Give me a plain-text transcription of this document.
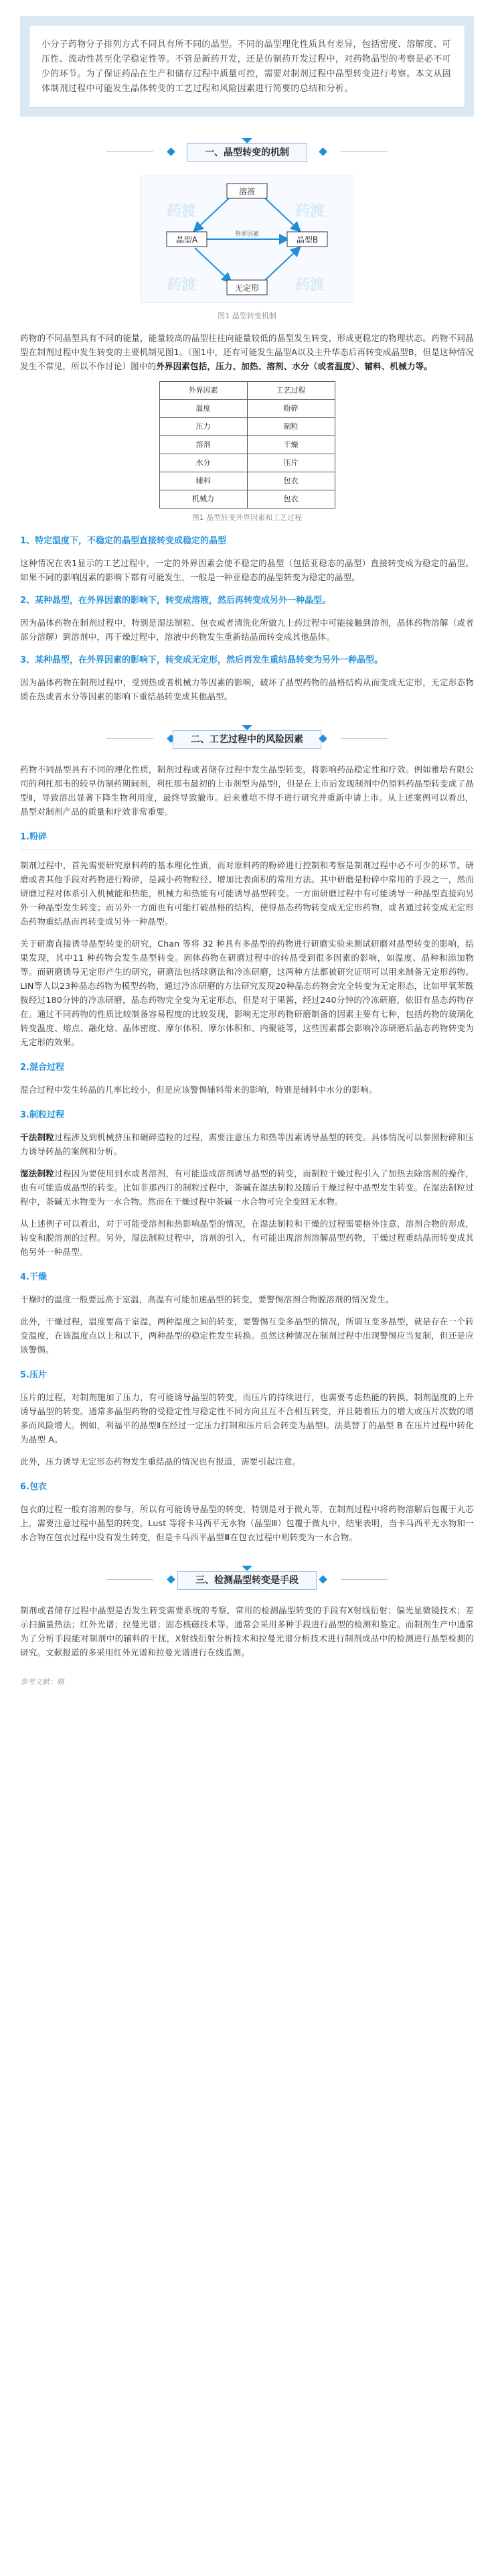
小分子药物分子排列方式不同具有所不同的晶型。不同的晶型理化性质具有差异，包括密度、溶解度、可压性、流动性甚至化学稳定性等。不管是新药开发，还是仿制药开发过程中，对药物晶型的考察是必不可少的环节。为了保证药品在生产和储存过程中质量可控，需要对制剂过程中晶型转变进行考察。本文从固体制剂过程中可能发生晶体转变的工艺过程和风险因素进行简要的总结和分析。
一、晶型转变的机制
药渡	药渡
药渡	药渡
溶液
晶型A	晶型B
无定形
外界因素
图1 晶型转变机制

药物的不同晶型具有不同的能量，能量较高的晶型往往向能量较低的晶型发生转变，形成更稳定的物理状态。药物不同晶型在制剂过程中发生转变的主要机制见图1。（图1中，还有可能发生晶型A以及主升华态后再转变成晶型B，但是这种情况发生不常见，所以不作讨论）图中的外界因素包括，压力、加热、溶剂、水分（或者温度）、辅料、机械力等。

外界因素	工艺过程
温度	粉碎
压力	制粒
溶剂	干燥
水分	压片
辅料	包衣
机械力	包衣
图1 晶型转变外界因素和工艺过程
1、特定温度下，不稳定的晶型直接转变成稳定的晶型

这种情况在表1显示的工艺过程中，一定的外界因素会使不稳定的晶型（包括亚稳态的晶型）直接转变成为稳定的晶型。如果不同的影响因素的影响下都有可能发生，一般是一种亚稳态的晶型转变为稳定的晶型。

2、某种晶型，在外界因素的影响下，转变成溶液，然后再转变成另外一种晶型。

因为晶体药物在制剂过程中，特别是湿法制粒、包衣或者清洗化所做九上药过程中可能接触到溶剂，晶体药物溶解（或者部分溶解）到溶剂中，再干燥过程中，溶液中药物发生重新结晶而转变成其他晶体。

3、某种晶型，在外界因素的影响下，转变成无定形，然后再发生重结晶转变为另外一种晶型。

因为晶体药物在制剂过程中，受到热或者机械力等因素的影响，破坏了晶型药物的晶格结构从而变成无定形，无定形态物质在热或者水分等因素的影响下重结晶转变成其他晶型。

二、工艺过程中的风险因素

药物不同晶型具有不同的理化性质，制剂过程或者储存过程中发生晶型转变，将影响药品稳定性和疗效。例如雅培有限公司的利托那韦的较早仿制药期间剂，利托那韦最初的上市剂型为晶型Ⅰ，但是在上市后发现制剂中仍原料药晶型转变成了晶型Ⅱ，导致溶出显著下降生物利用度，最终导致撤市。后来雅培不得不进行研究并重新申请上市。从上述案例可以看出，晶型对制剂产品的质量和疗效非常重要。

1.粉碎

制剂过程中，首先需要研究原料药的基本理化性质，而对原料药的粉碎进行控制和考察是制剂过程中必不可少的环节。研磨或者其他手段对药物进行粉碎，是减小药物粒径、增加比表面积的常用方法。其中研磨是粉碎中常用的手段之一，然而研磨过程对体系引入机械能和热能，机械力和热能有可能诱导晶型转变。一方面研磨过程中有可能诱导一种晶型直接向另外一种晶型发生转变；而另外一方面也有可能打破晶格的结构，使得晶态药物转变成无定形药物，或者通过转变成无定形态药物重结晶而再转变成另外一种晶型。

关于研磨直接诱导晶型转变的研究，Chan 等将 32 种具有多晶型的药物进行研磨实验来测试研磨对晶型转变的影响，结果发现，其中11 种药物会发生晶型转变。固体药物在研磨过程中的转晶受到很多因素的影响，如温度、晶种和添加物等。而研磨诱导无定形产生的研究，研磨法包括球磨法和冷冻研磨，这两种方法都被研究证明可以用来制备无定形药物。LIN等人以23种晶态药物为模型药物，通过冷冻研磨的方法研究发现20种晶态药物会完全转变为无定形态，比如甲氧苯酰胺经过180分钟的冷冻研磨，晶态药物完全变为无定形态，但是对于果酱，经过240分钟的冷冻研磨，依旧有晶态药物存在。通过不同药物的性质比较制备容易程度的比较发现，影响无定形药物研磨制备的因素主要有七种，包括药物的玻璃化转变温度、熔点、融化焓、晶体密度、摩尔体积、摩尔体积和、内聚能等，这些因素都会影响冷冻研磨后晶态药物转变为无定形的效果。

2.混合过程

混合过程中发生转晶的几率比较小，但是应该警惕辅料带来的影响，特别是辅料中水分的影响。

3.制粒过程

干法制粒过程涉及到机械挤压和碾碎造粒的过程，需要注意压力和热等因素诱导晶型的转变。具体情况可以参照粉碎和压力诱导转晶的案例和分析。

湿法制粒过程因为要使用到水或者溶剂，有可能造成溶剂诱导晶型的转变，而制粒干燥过程引入了加热去除溶剂的操作，也有可能造成晶型的转变。比如非那西汀的制粒过程中，茶碱在湿法制粒及随后干燥过程中晶型发生转变。在湿法制粒过程中，茶碱无水物变为一水合物。然而在干燥过程中茶碱一水合物可完全变回无水物。

从上述例子可以看出，对于可能受溶剂和热影响晶型的情况，在湿法制粒和干燥的过程需要格外注意，溶剂合物的形成，转变和脱溶剂的过程。另外，湿法制粒过程中，溶剂的引入，有可能出现溶剂溶解晶型药物，干燥过程重结晶而转变成其他另外一种晶型。

4.干燥

干燥时的温度一般要远高于室温，高温有可能加速晶型的转变，要警惕溶剂合物脱溶剂的情况发生。

此外，干燥过程，温度要高于室温，两种温度之间的转变，要警惕互变多晶型的情况，所谓互变多晶型，就是存在一个转变温度，在该温度点以上和以下，两种晶型的稳定性发生转换。虽然这种情况在制剂过程中出现警惕应当复制，但还是应该警惕。

5.压片

压片的过程，对制剂施加了压力，有可能诱导晶型的转变，而压片的持续进行，也需要考虑热能的转换，制剂温度的上升诱导晶型的转变。通常多晶型药物的受稳定性与稳定性不同方向且互不合相互转变，并且随着压力的增大或压片次数的增多而风险增大。例如，利福平的晶型Ⅱ在经过一定压力打制和压片后会转变为晶型Ⅰ。法莫替丁的晶型 B 在压片过程中转化为晶型 A。

此外，压力诱导无定形态药物发生重结晶的情况也有报道，需要引起注意。

6.包衣

包衣的过程一般有溶剂的参与，所以有可能诱导晶型的转变，特别是对于微丸等，在制剂过程中将药物溶解后包覆于丸芯上，需要注意过程中晶型的转变。Lust 等将卡马西平无水物（晶型Ⅲ）包覆于微丸中，结果表明，当卡马西平无水物和一水合物在包衣过程中没有发生转变，但是卡马西平晶型Ⅲ在包衣过程中则转变为一水合物。

三、检测晶型转变是手段

制剂或者储存过程中晶型是否发生转变需要系统的考察，常用的检测晶型转变的手段有X射线衍射；偏光显微镜技术；差示扫描量热法；红外光谱；拉曼光谱；固态核磁技术等。通常会采用多种手段进行晶型的检测和鉴定。而制剂生产中通常为了分析手段能对制剂中的辅料的干扰，X射线衍射分析技术和拉曼光谱分析技术进行制剂成品中的检测进行晶型检测的研究。文献报道的多采用红外光谱和拉曼光谱进行在线监测。

参考文献：略
